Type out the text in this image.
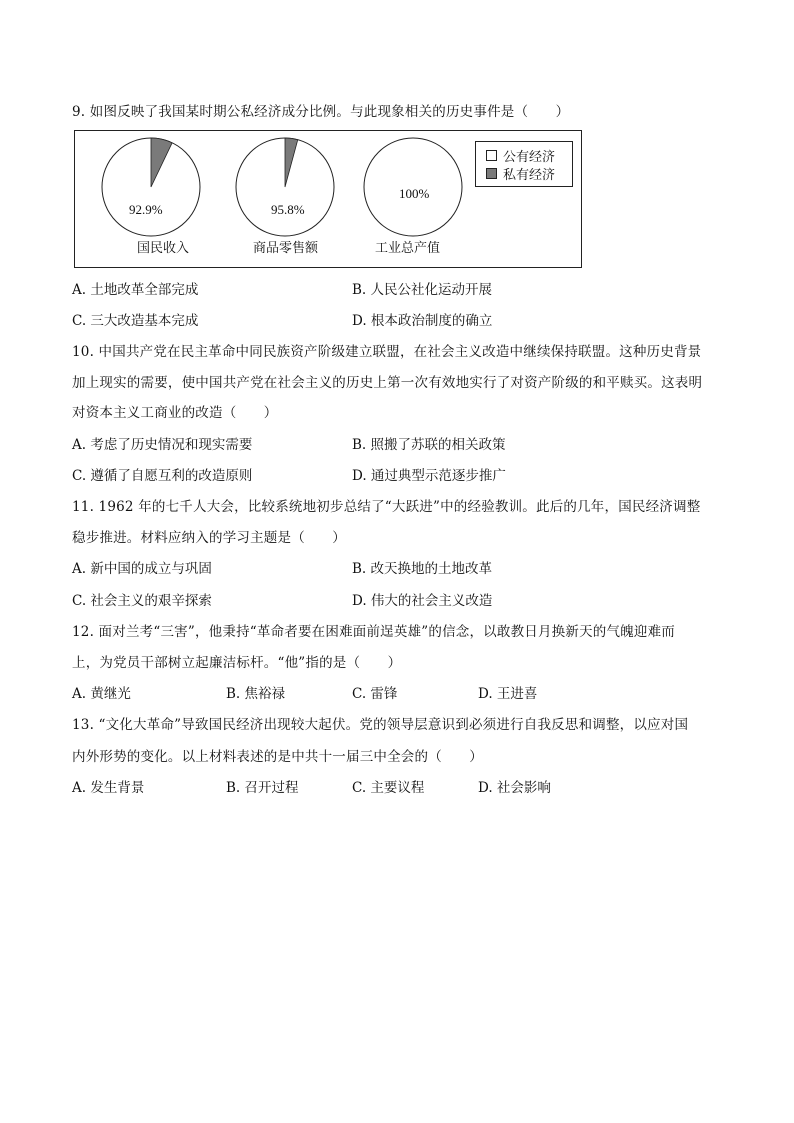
9. 如图反映了我国某时期公私经济成分比例。与此现象相关的历史事件是（　　）
92.9%
国民收入
95.8%
商品零售额
100%
工业总产值
公有经济
私有经济
A. 土地改革全部完成	B. 人民公社化运动开展
C. 三大改造基本完成	D. 根本政治制度的确立
10. 中国共产党在民主革命中同民族资产阶级建立联盟，在社会主义改造中继续保持联盟。这种历史背景
加上现实的需要，使中国共产党在社会主义的历史上第一次有效地实行了对资产阶级的和平赎买。这表明
对资本主义工商业的改造（　　）
A. 考虑了历史情况和现实需要	B. 照搬了苏联的相关政策
C. 遵循了自愿互利的改造原则	D. 通过典型示范逐步推广
11. 1962 年的七千人大会，比较系统地初步总结了“大跃进”中的经验教训。此后的几年，国民经济调整
稳步推进。材料应纳入的学习主题是（　　）
A. 新中国的成立与巩固	B. 改天换地的土地改革
C. 社会主义的艰辛探索	D. 伟大的社会主义改造
12. 面对兰考“三害”，他秉持“革命者要在困难面前逞英雄”的信念，以敢教日月换新天的气魄迎难而
上，为党员干部树立起廉洁标杆。“他”指的是（　　）
A. 黄继光	B. 焦裕禄	C. 雷锋	D. 王进喜
13. “文化大革命”导致国民经济出现较大起伏。党的领导层意识到必须进行自我反思和调整，以应对国
内外形势的变化。以上材料表述的是中共十一届三中全会的（　　）
A. 发生背景	B. 召开过程	C. 主要议程	D. 社会影响
